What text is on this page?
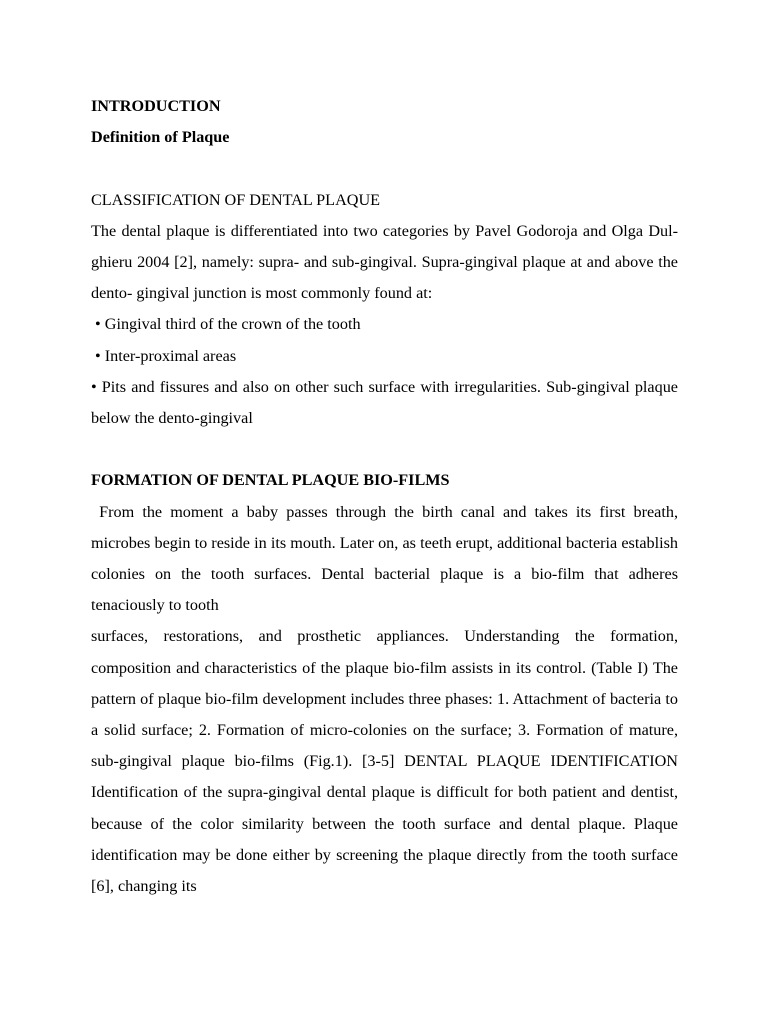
INTRODUCTION

Definition of Plaque

CLASSIFICATION OF DENTAL PLAQUE

The dental plaque is differentiated into two categories by Pavel Godoroja and Olga Dul- ghieru 2004 [2], namely: supra- and sub-gingival. Supra-gingival plaque at and above the dento- gingival junction is most commonly found at:

• Gingival third of the crown of the tooth

• Inter-proximal areas

• Pits and fissures and also on other such surface with irregularities. Sub-gingival plaque below the dento-gingival

FORMATION OF DENTAL PLAQUE BIO-FILMS

From the moment a baby passes through the birth canal and takes its first breath, microbes begin to reside in its mouth. Later on, as teeth erupt, additional bacteria establish colonies on the tooth surfaces. Dental bacterial plaque is a bio-film that adheres tenaciously to tooth

surfaces, restorations, and prosthetic appliances. Understanding the formation, composition and characteristics of the plaque bio-film assists in its control. (Table I) The pattern of plaque bio-film development includes three phases: 1. Attachment of bacteria to a solid surface; 2. Formation of micro-colonies on the surface; 3. Formation of mature, sub-gingival plaque bio-films (Fig.1). [3-5] DENTAL PLAQUE IDENTIFICATION Identification of the supra-gingival dental plaque is difficult for both patient and dentist, because of the color similarity between the tooth surface and dental plaque. Plaque identification may be done either by screening the plaque directly from the tooth surface [6], changing its
